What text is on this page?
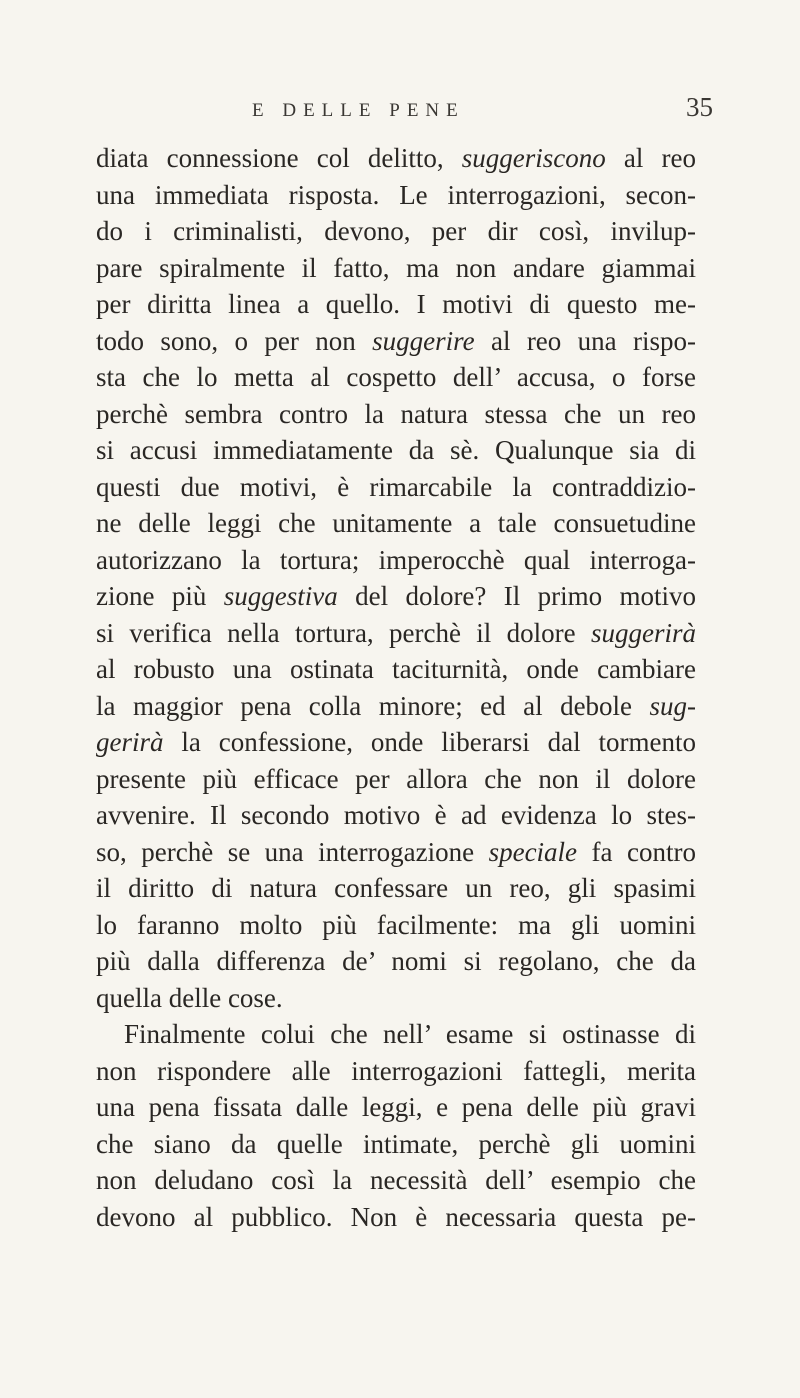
E DELLE PENE	35
diata connessione col delitto, suggeriscono al reo
una immediata risposta. Le interrogazioni, secon-
do i criminalisti, devono, per dir così, invilup-
pare spiralmente il fatto, ma non andare giammai
per diritta linea a quello. I motivi di questo me-
todo sono, o per non suggerire al reo una rispo-
sta che lo metta al cospetto dell’ accusa, o forse
perchè sembra contro la natura stessa che un reo
si accusi immediatamente da sè. Qualunque sia di
questi due motivi, è rimarcabile la contraddizio-
ne delle leggi che unitamente a tale consuetudine
autorizzano la tortura; imperocchè qual interroga-
zione più suggestiva del dolore? Il primo motivo
si verifica nella tortura, perchè il dolore suggerirà
al robusto una ostinata taciturnità, onde cambiare
la maggior pena colla minore; ed al debole sug-
gerirà la confessione, onde liberarsi dal tormento
presente più efficace per allora che non il dolore
avvenire. Il secondo motivo è ad evidenza lo stes-
so, perchè se una interrogazione speciale fa contro
il diritto di natura confessare un reo, gli spasimi
lo faranno molto più facilmente: ma gli uomini
più dalla differenza de’ nomi si regolano, che da
quella delle cose.
Finalmente colui che nell’ esame si ostinasse di
non rispondere alle interrogazioni fattegli, merita
una pena fissata dalle leggi, e pena delle più gravi
che siano da quelle intimate, perchè gli uomini
non deludano così la necessità dell’ esempio che
devono al pubblico. Non è necessaria questa pe-
